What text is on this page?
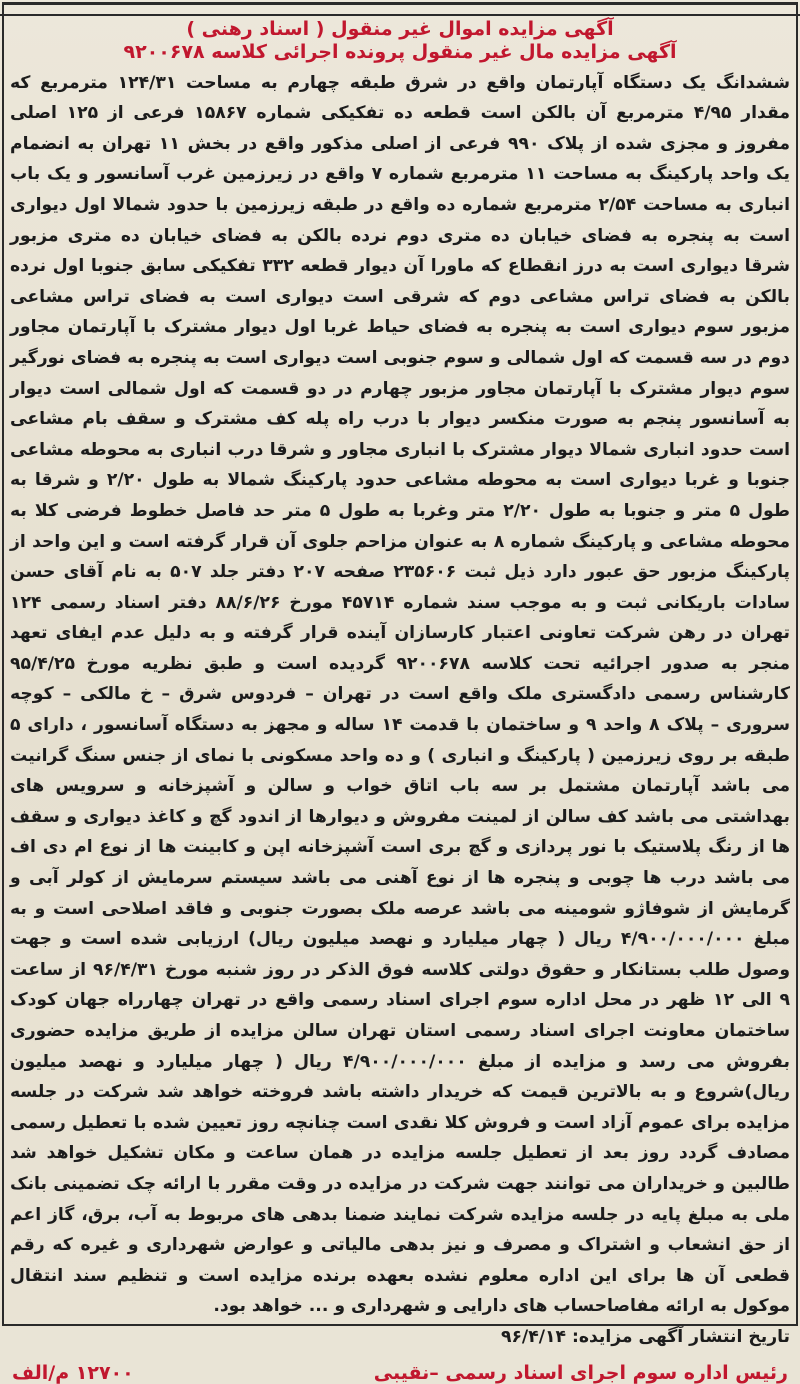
آگهی مزایده اموال غیر منقول ( اسناد رهنی )
آگهی مزایده مال غیر منقول پرونده اجرائی کلاسه ۹۲۰۰۶۷۸

ششدانگ یک دستگاه آپارتمان واقع در شرق طبقه چهارم به مساحت ۱۲۴/۳۱ مترمربع که مقدار ۴/۹۵ مترمربع آن بالکن است قطعه ده تفکیکی شماره ۱۵۸۶۷ فرعی از ۱۲۵ اصلی مفروز و مجزی شده از پلاک ۹۹۰ فرعی از اصلی مذکور واقع در بخش ۱۱ تهران به انضمام یک واحد پارکینگ به مساحت ۱۱ مترمربع شماره ۷ واقع در زیرزمین غرب آسانسور و یک باب انباری به مساحت ۲/۵۴ مترمربع شماره ده واقع در طبقه زیرزمین با حدود شمالا اول دیواری است به پنجره به فضای خیابان ده متری دوم نرده بالکن به فضای خیابان ده متری مزبور شرقا دیواری است به درز انقطاع که ماورا آن دیوار قطعه ۳۳۲ تفکیکی سابق جنوبا اول نرده بالکن به فضای تراس مشاعی دوم که شرقی است دیواری است به فضای تراس مشاعی مزبور سوم دیواری است به پنجره به فضای حیاط غربا اول دیوار مشترک با آپارتمان مجاور دوم در سه قسمت که اول شمالی و سوم جنوبی است دیواری است به پنجره به فضای نورگیر سوم دیوار مشترک با آپارتمان مجاور مزبور چهارم در دو قسمت که اول شمالی است دیوار به آسانسور پنجم به صورت منکسر دیوار با درب راه پله کف مشترک و سقف بام مشاعی است حدود انباری شمالا دیوار مشترک با انباری مجاور و شرقا درب انباری به محوطه مشاعی جنوبا و غربا دیواری است به محوطه مشاعی حدود پارکینگ شمالا به طول ۲/۲۰ و شرقا به طول ۵ متر و جنوبا به طول ۲/۲۰ متر وغربا به طول ۵ متر حد فاصل خطوط فرضی کلا به محوطه مشاعی و پارکینگ شماره ۸ به عنوان مزاحم جلوی آن قرار گرفته است و این واحد از پارکینگ مزبور حق عبور دارد ذیل ثبت ۲۳۵۶۰۶ صفحه ۲۰۷ دفتر جلد ۵۰۷ به نام آقای حسن سادات باریکانی ثبت و به موجب سند شماره ۴۵۷۱۴ مورخ ۸۸/۶/۲۶ دفتر اسناد رسمی ۱۲۴ تهران در رهن شرکت تعاونی اعتبار کارسازان آینده قرار گرفته و به دلیل عدم ایفای تعهد منجر به صدور اجرائیه تحت کلاسه ۹۲۰۰۶۷۸ گردیده است و طبق نظریه مورخ ۹۵/۴/۲۵ کارشناس رسمی دادگستری ملک واقع است در تهران – فردوس شرق – خ مالکی – کوچه سروری – پلاک ۸ واحد ۹ و ساختمان با قدمت ۱۴ ساله و مجهز به دستگاه آسانسور ، دارای ۵ طبقه بر روی زیرزمین ( پارکینگ و انباری ) و ده واحد مسکونی با نمای از جنس سنگ گرانیت می باشد آپارتمان مشتمل بر سه باب اتاق خواب و سالن و آشپزخانه و سرویس های بهداشتی می باشد کف سالن از لمینت مفروش و دیوارها از اندود گچ و کاغذ دیواری و سقف ها از رنگ پلاستیک با نور پردازی و گچ بری است آشپزخانه اپن و کابینت ها از نوع ام دی اف می باشد درب ها چوبی و پنجره ها از نوع آهنی می باشد سیستم سرمایش از کولر آبی و گرمایش از شوفاژو شومینه می باشد عرصه ملک بصورت جنوبی و فاقد اصلاحی است و به مبلغ ۴/۹۰۰/۰۰۰/۰۰۰ ریال ( چهار میلیارد و نهصد میلیون ریال) ارزیابی شده است و جهت وصول طلب بستانکار و حقوق دولتی کلاسه فوق الذکر در روز شنبه مورخ ۹۶/۴/۳۱ از ساعت ۹ الی ۱۲ ظهر در محل اداره سوم اجرای اسناد رسمی واقع در تهران چهارراه جهان کودک ساختمان معاونت اجرای اسناد رسمی استان تهران سالن مزایده از طریق مزایده حضوری بفروش می رسد و مزایده از مبلغ ۴/۹۰۰/۰۰۰/۰۰۰ ریال ( چهار میلیارد و نهصد میلیون ریال)شروع و به بالاترین قیمت که خریدار داشته باشد فروخته خواهد شد شرکت در جلسه مزایده برای عموم آزاد است و فروش کلا نقدی است چنانچه روز تعیین شده با تعطیل رسمی مصادف گردد روز بعد از تعطیل جلسه مزایده در همان ساعت و مکان تشکیل خواهد شد طالبین و خریداران می توانند جهت شرکت در مزایده در وقت مقرر با ارائه چک تضمینی بانک ملی به مبلغ پایه در جلسه مزایده شرکت نمایند ضمنا بدهی های مربوط به آب، برق، گاز اعم از حق انشعاب و اشتراک و مصرف و نیز بدهی مالیاتی و عوارض شهرداری و غیره که رقم قطعی آن ها برای این اداره معلوم نشده بعهده برنده مزایده است و تنظیم سند انتقال موکول به ارائه مفاصاحساب های دارایی و شهرداری و ... خواهد بود.

تاریخ انتشار آگهی مزایده: ۹۶/۴/۱۴
رئیس اداره سوم اجرای اسناد رسمی –نقیبی
۱۲۷۰۰ م/الف
